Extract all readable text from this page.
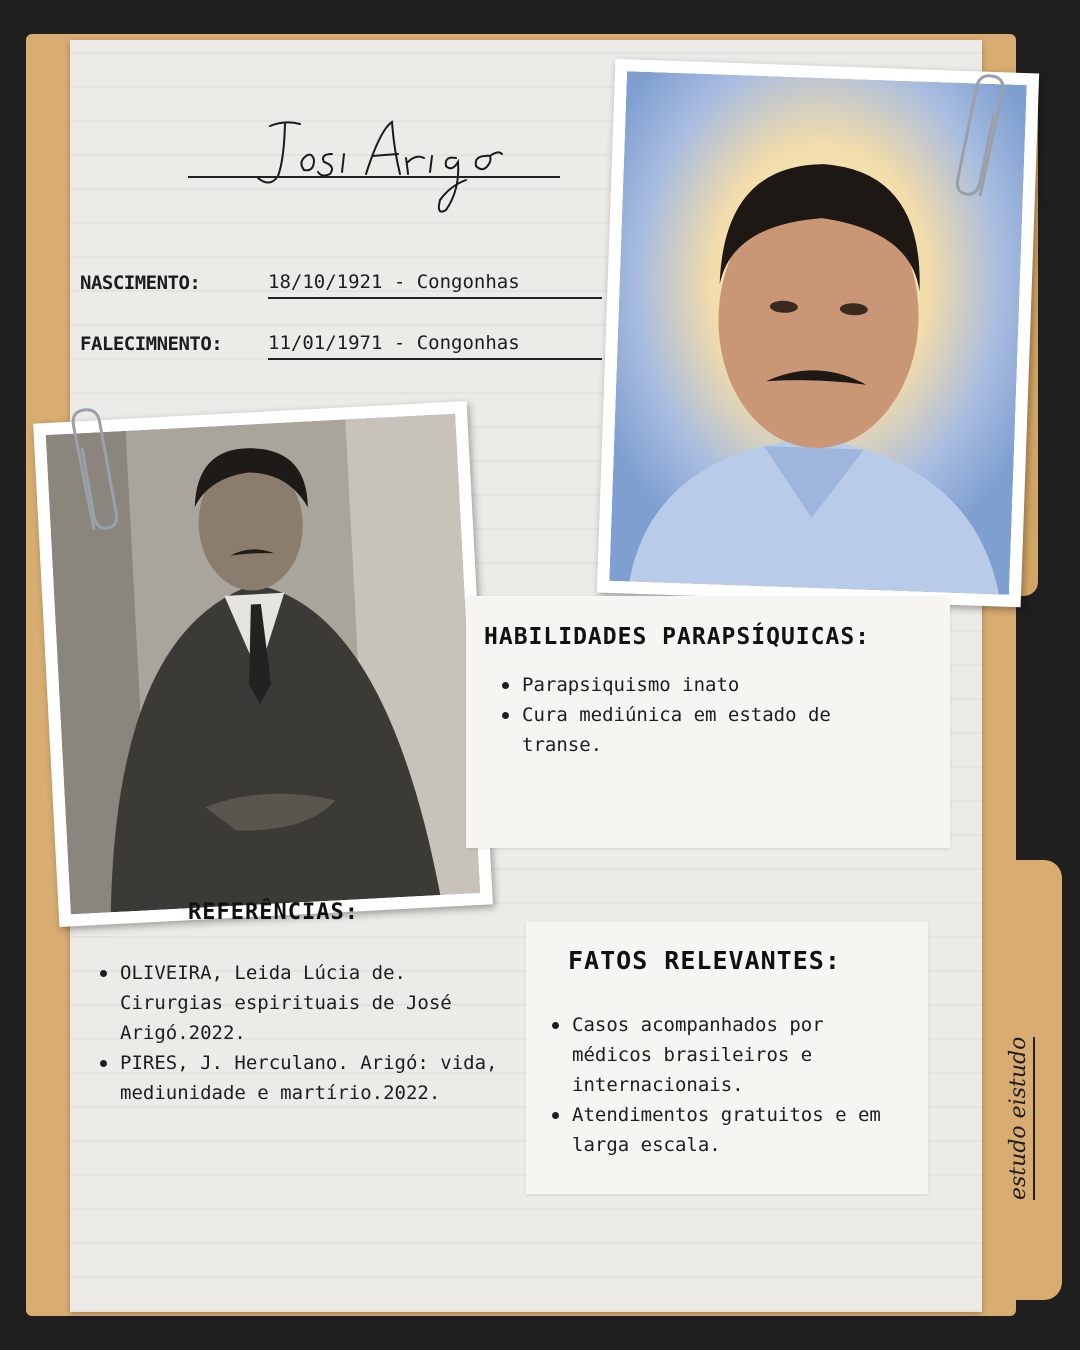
NASCIMENTO:	18/10/1921 - Congonhas
FALECIMNENTO: 11/01/1971 - Congonhas
HABILIDADES PARAPSÍQUICAS:
Parapsiquismo inato
Cura mediúnica em estado de transe.
REFERÊNCIAS:
OLIVEIRA, Leida Lúcia de. Cirurgias espirituais de José Arigó.2022.
PIRES, J. Herculano. Arigó: vida, mediunidade e martírio.2022.
FATOS RELEVANTES:
Casos acompanhados por médicos brasileiros e internacionais.
Atendimentos gratuitos e em larga escala.	estudo eistudo
